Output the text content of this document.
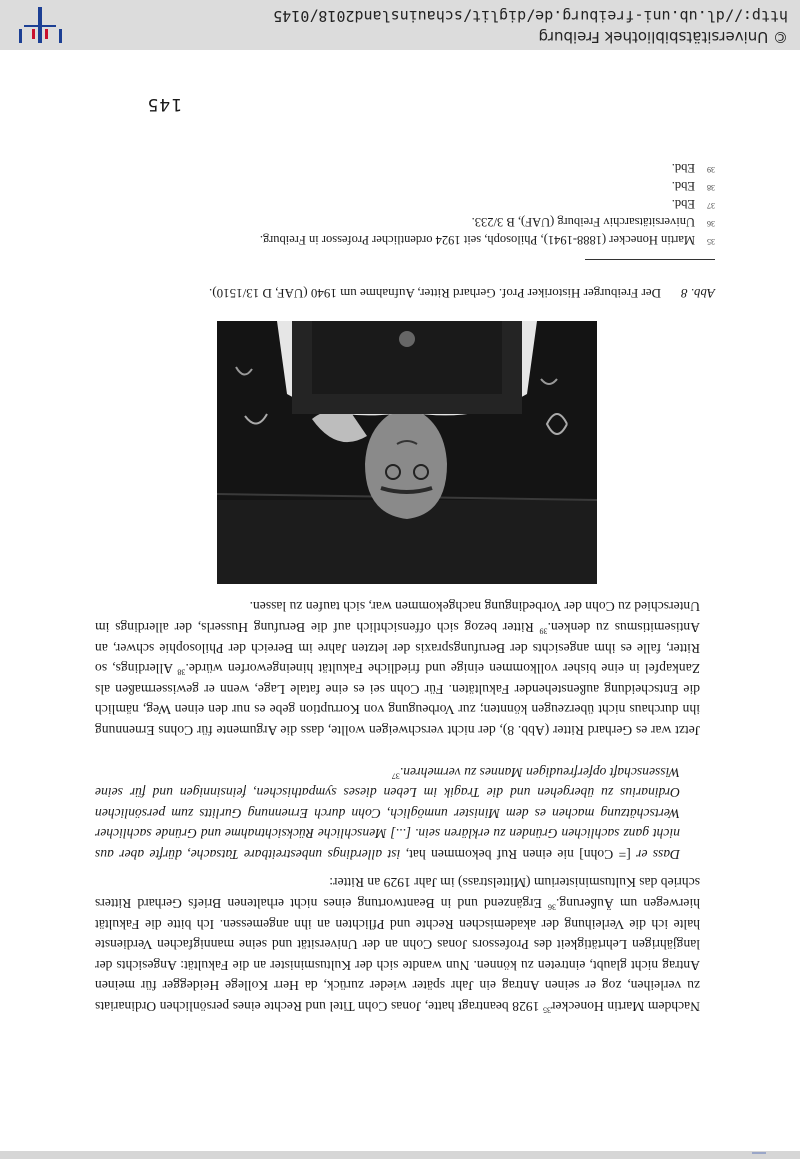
Nachdem Martin Honecker$^{35}$ 1928 beantragt hatte, Jonas Cohn Titel und Rechte eines persönlichen Ordinariats zu verleihen, zog er seinen Antrag ein Jahr später wieder zurück, da Herr Kollege Heidegger für meinen Antrag nicht glaubt, eintreten zu können. Nun wandte sich der Kultusminister an die Fakultät: Angesichts der langjährigen Lehrtätigkeit des Professors Jonas Cohn an der Universität und seine mannigfachen Verdienste halte ich die Verleihung der akademischen Rechte und Pflichten an ihn angemessen. Ich bitte die Fakultät hierwegen um Äußerung.$^{36}$ Ergänzend und in Beantwortung eines nicht erhaltenen Briefs Gerhard Ritters schrieb das Kultusministerium (Mittelstrass) im Jahr 1929 an Ritter:
Dass er [= Cohn] nie einen Ruf bekommen hat, ist allerdings unbestreitbare Tatsache, dürfte aber aus nicht ganz sachlichen Gründen zu erklären sein. [...] Menschliche Rücksichtnahme und Gründe sachlicher Wertschätzung machen es dem Minister unmöglich, Cohn durch Ernennung Gurlitts zum persönlichen Ordinarius zu übergehen und die Tragik im Leben dieses sympathischen, feinsinnigen und für seine Wissenschaft opferfreudigen Mannes zu vermehren.$^{37}$
Jetzt war es Gerhard Ritter (Abb. 8), der nicht verschweigen wollte, dass die Argumente für Cohns Ernennung ihn durchaus nicht überzeugen könnten; zur Vorbeugung von Korruption gebe es nur den einen Weg, nämlich die Entscheidung außenstehender Fakultäten. Für Cohn sei es eine fatale Lage, wenn er gewissermaßen als Zankapfel in eine bisher vollkommen einige und friedliche Fakultät hineingeworfen würde.$^{38}$ Allerdings, so Ritter, falle es ihm angesichts der Berufungspraxis der letzten Jahre im Bereich der Philosophie schwer, an Antisemitismus zu denken.$^{39}$ Ritter bezog sich offensichtlich auf die Berufung Husserls, der allerdings im Unterschied zu Cohn der Vorbedingung nachgekommen war, sich taufen zu lassen.
Abb. 8Der Freiburger Historiker Prof. Gerhard Ritter, Aufnahme um 1940 (UAF, D 13/1510).
35Martin Honecker (1888-1941), Philosoph, seit 1924 ordentlicher Professor in Freiburg.
36Universitätsarchiv Freiburg (UAF), B 3/233.
37Ebd.
38Ebd.
39Ebd.
145
© Universitätsbibliothek Freiburg
http://dl.ub.uni-freiburg.de/diglit/schauinsland2018/0145
